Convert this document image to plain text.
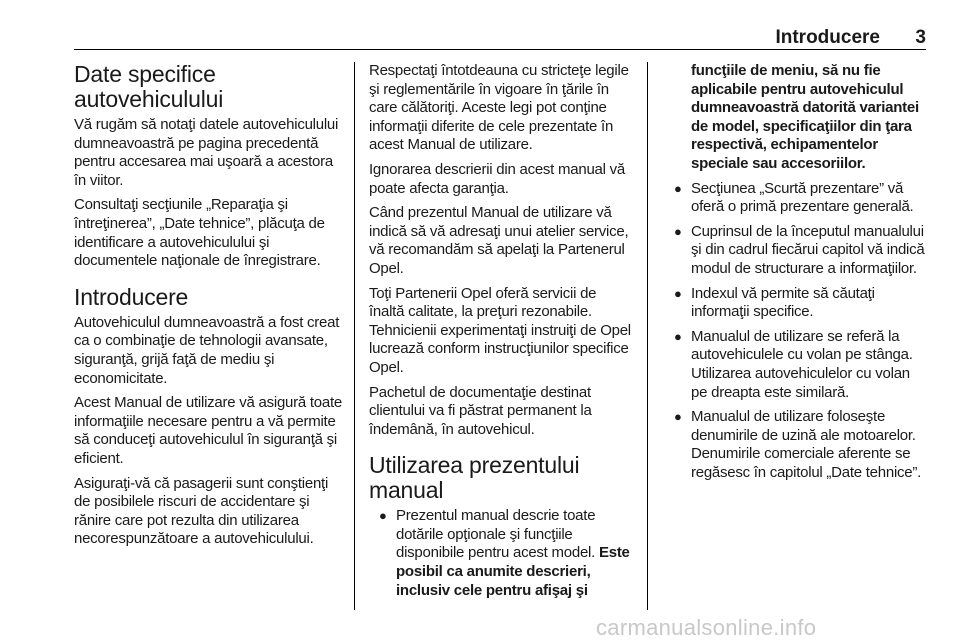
Introducere 3
Date specifice autovehiculului

Vă rugăm să notaţi datele autovehiculului dumneavoastră pe pagina precedentă pentru accesarea mai uşoară a acestora în viitor.

Consultaţi secţiunile „Reparaţia şi întreţinerea”, „Date tehnice”, plăcuţa de identificare a autovehiculului şi documentele naţionale de înregistrare.

Introducere

Autovehiculul dumneavoastră a fost creat ca o combinaţie de tehnologii avansate, siguranţă, grijă faţă de mediu şi economicitate.

Acest Manual de utilizare vă asigură toate informaţiile necesare pentru a vă permite să conduceţi autovehiculul în siguranţă şi eficient.

Asiguraţi-vă că pasagerii sunt conştienţi de posibilele riscuri de accidentare şi rănire care pot rezulta din utilizarea necorespunzătoare a autovehiculului.

Respectaţi întotdeauna cu stricteţe legile şi reglementările în vigoare în ţările în care călătoriţi. Aceste legi pot conţine informaţii diferite de cele prezentate în acest Manual de utilizare.

Ignorarea descrierii din acest manual vă poate afecta garanţia.

Când prezentul Manual de utilizare vă indică să vă adresaţi unui atelier service, vă recomandăm să apelaţi la Partenerul Opel.

Toţi Partenerii Opel oferă servicii de înaltă calitate, la preţuri rezonabile. Tehnicienii experimentaţi instruiţi de Opel lucrează conform instrucţiunilor specifice Opel.

Pachetul de documentaţie destinat clientului va fi păstrat permanent la îndemână, în autovehicul.

Utilizarea prezentului manual
● Prezentul manual descrie toate dotările opţionale şi funcţiile disponibile pentru acest model. Este posibil ca anumite descrieri, inclusiv cele pentru afişaj şi

funcţiile de meniu, să nu fie aplicabile pentru autovehiculul dumneavoastră datorită variantei de model, specificaţiilor din ţara respectivă, echipamentelor speciale sau accesoriilor.

● Secţiunea „Scurtă prezentare” vă oferă o primă prezentare generală.
● Cuprinsul de la începutul manualului şi din cadrul fiecărui capitol vă indică modul de structurare a informaţiilor.
● Indexul vă permite să căutaţi informaţii specifice.
● Manualul de utilizare se referă la autovehiculele cu volan pe stânga. Utilizarea autovehiculelor cu volan pe dreapta este similară.
● Manualul de utilizare foloseşte denumirile de uzină ale motoarelor. Denumirile comerciale aferente se regăsesc în capitolul „Date tehnice”.
carmanualsonline.info
